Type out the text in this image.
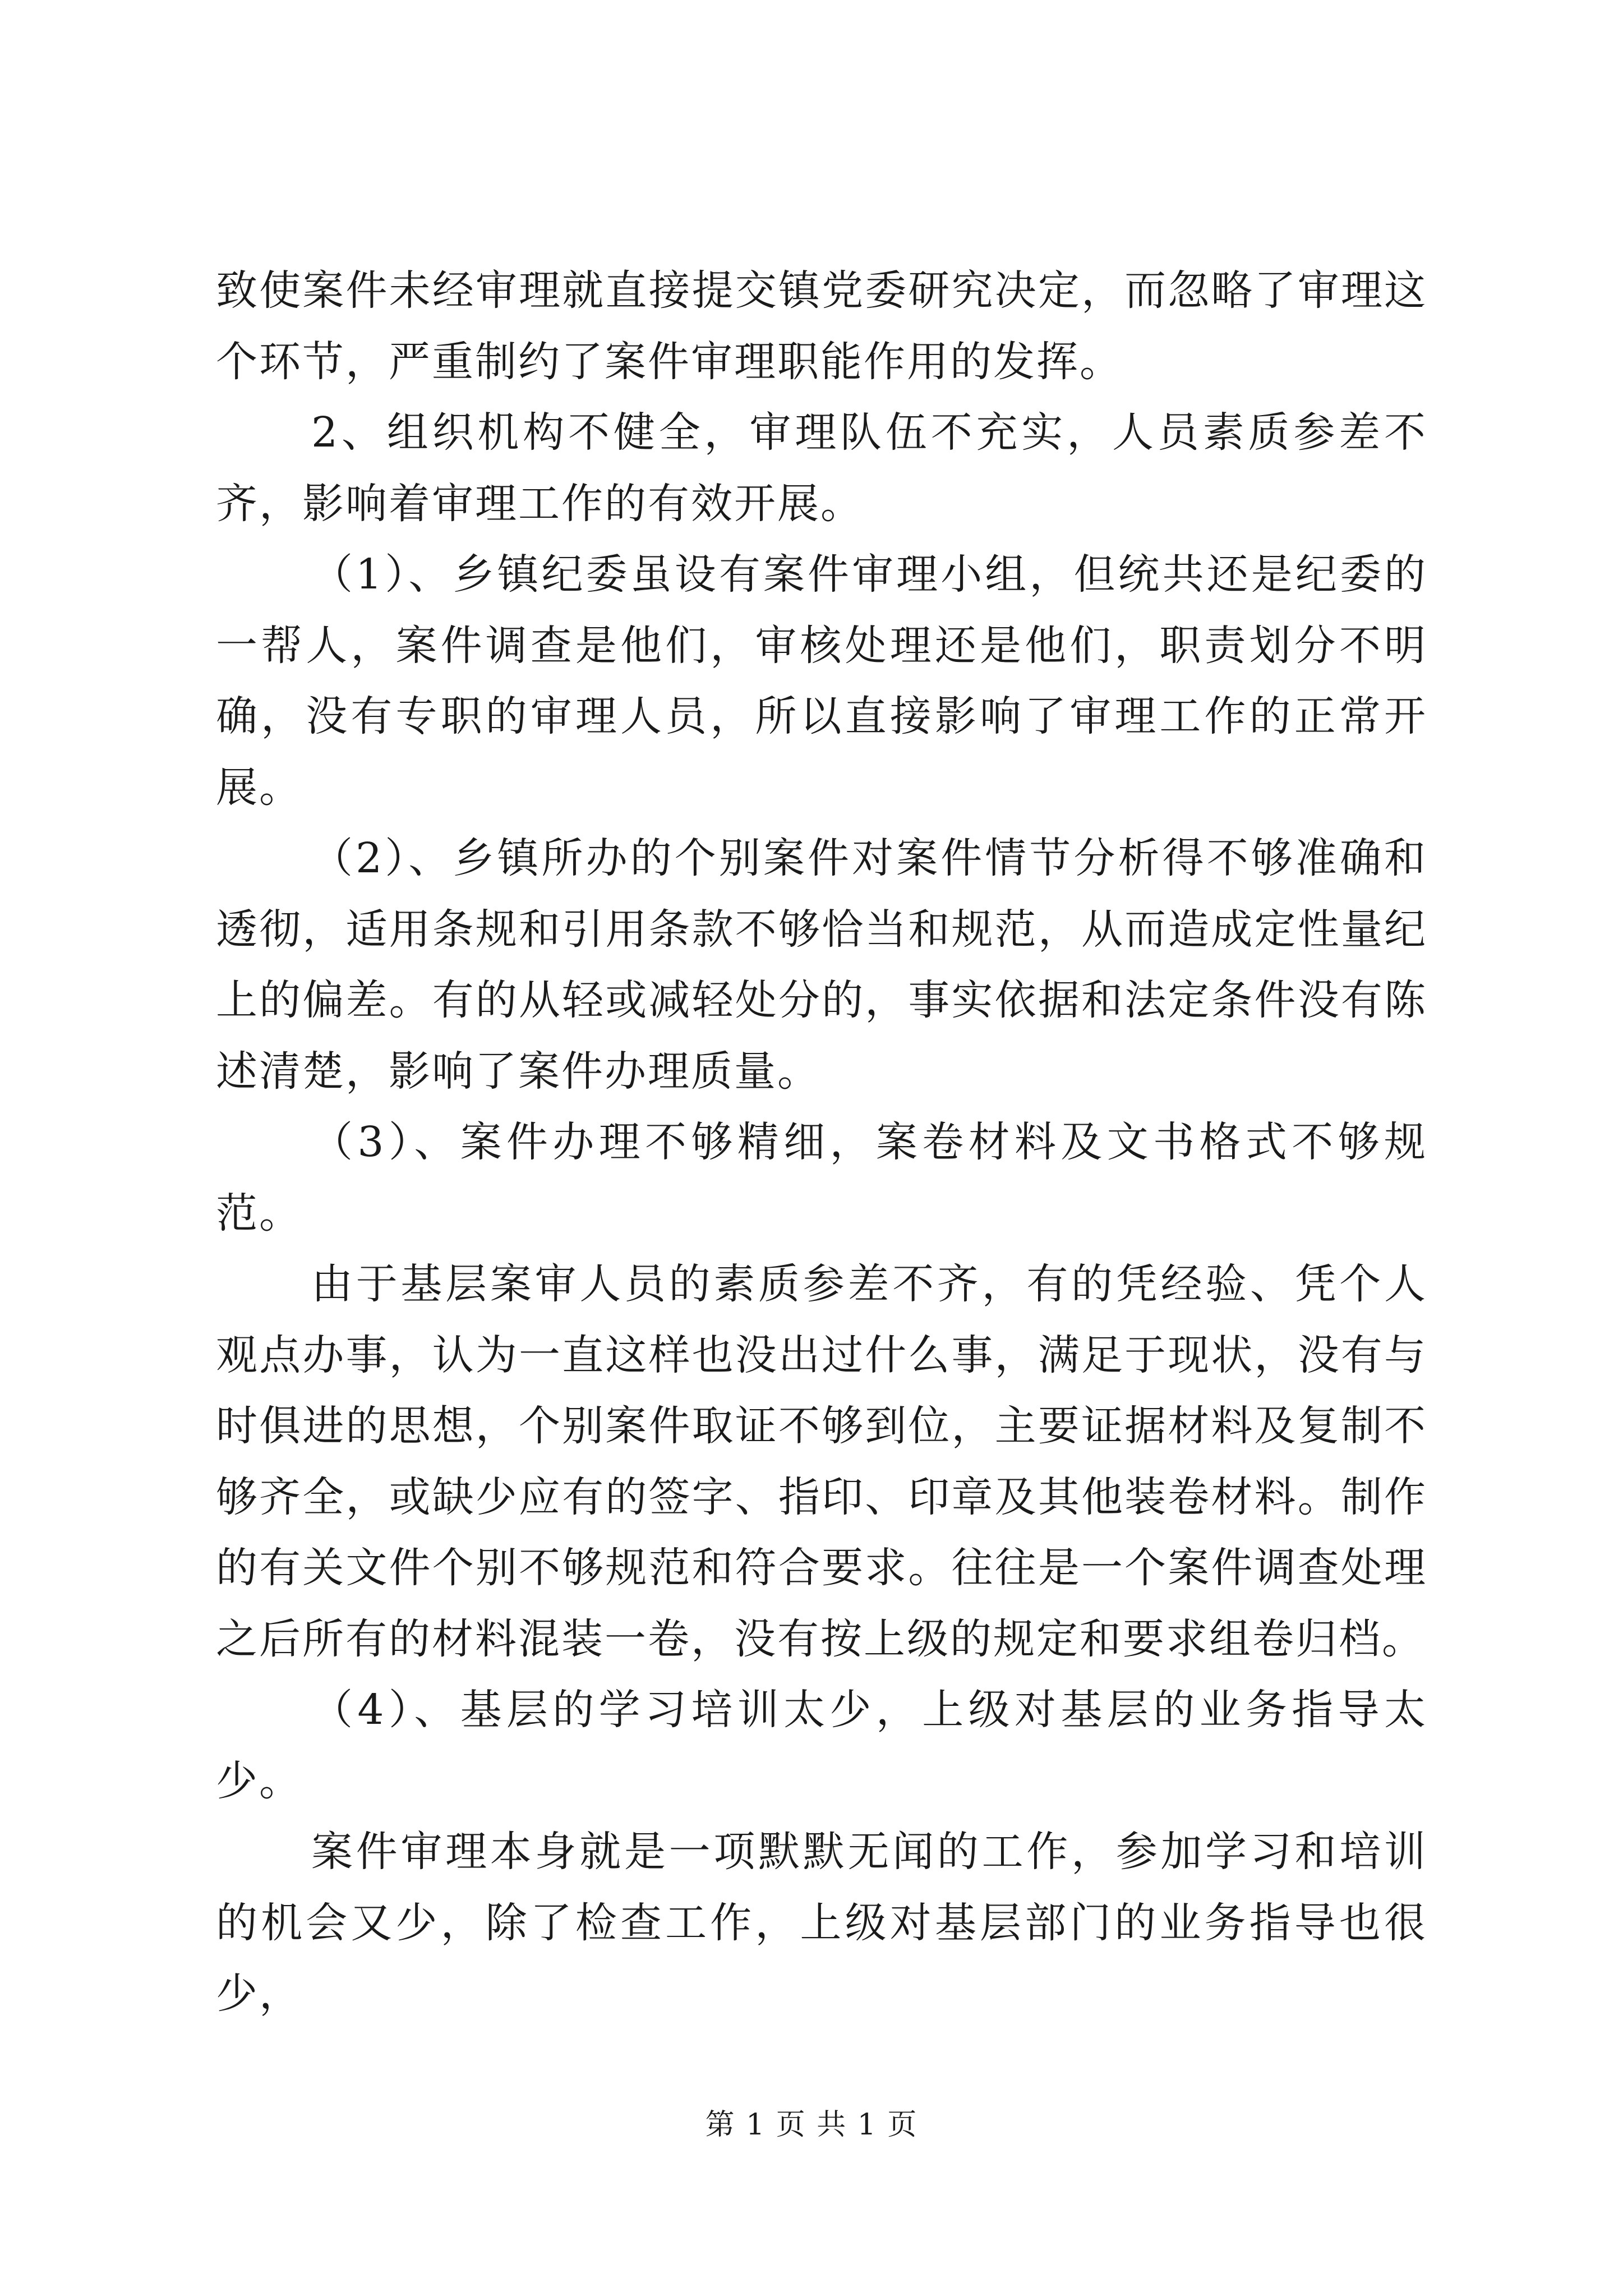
致使案件未经审理就直接提交镇党委研究决定，而忽略了审理这个环节，严重制约了案件审理职能作用的发挥。

2、组织机构不健全，审理队伍不充实，人员素质参差不齐，影响着审理工作的有效开展。

（1）、乡镇纪委虽设有案件审理小组，但统共还是纪委的一帮人，案件调查是他们，审核处理还是他们，职责划分不明确，没有专职的审理人员，所以直接影响了审理工作的正常开展。

（2）、乡镇所办的个别案件对案件情节分析得不够准确和透彻，适用条规和引用条款不够恰当和规范，从而造成定性量纪上的偏差。有的从轻或减轻处分的，事实依据和法定条件没有陈述清楚，影响了案件办理质量。

（3）、案件办理不够精细，案卷材料及文书格式不够规范。

由于基层案审人员的素质参差不齐，有的凭经验、凭个人观点办事，认为一直这样也没出过什么事，满足于现状，没有与时俱进的思想，个别案件取证不够到位，主要证据材料及复制不够齐全，或缺少应有的签字、指印、印章及其他装卷材料。制作的有关文件个别不够规范和符合要求。往往是一个案件调查处理之后所有的材料混装一卷，没有按上级的规定和要求组卷归档。

（4）、基层的学习培训太少，上级对基层的业务指导太少。

案件审理本身就是一项默默无闻的工作，参加学习和培训的机会又少，除了检查工作，上级对基层部门的业务指导也很少，

第 1 页 共 1 页
